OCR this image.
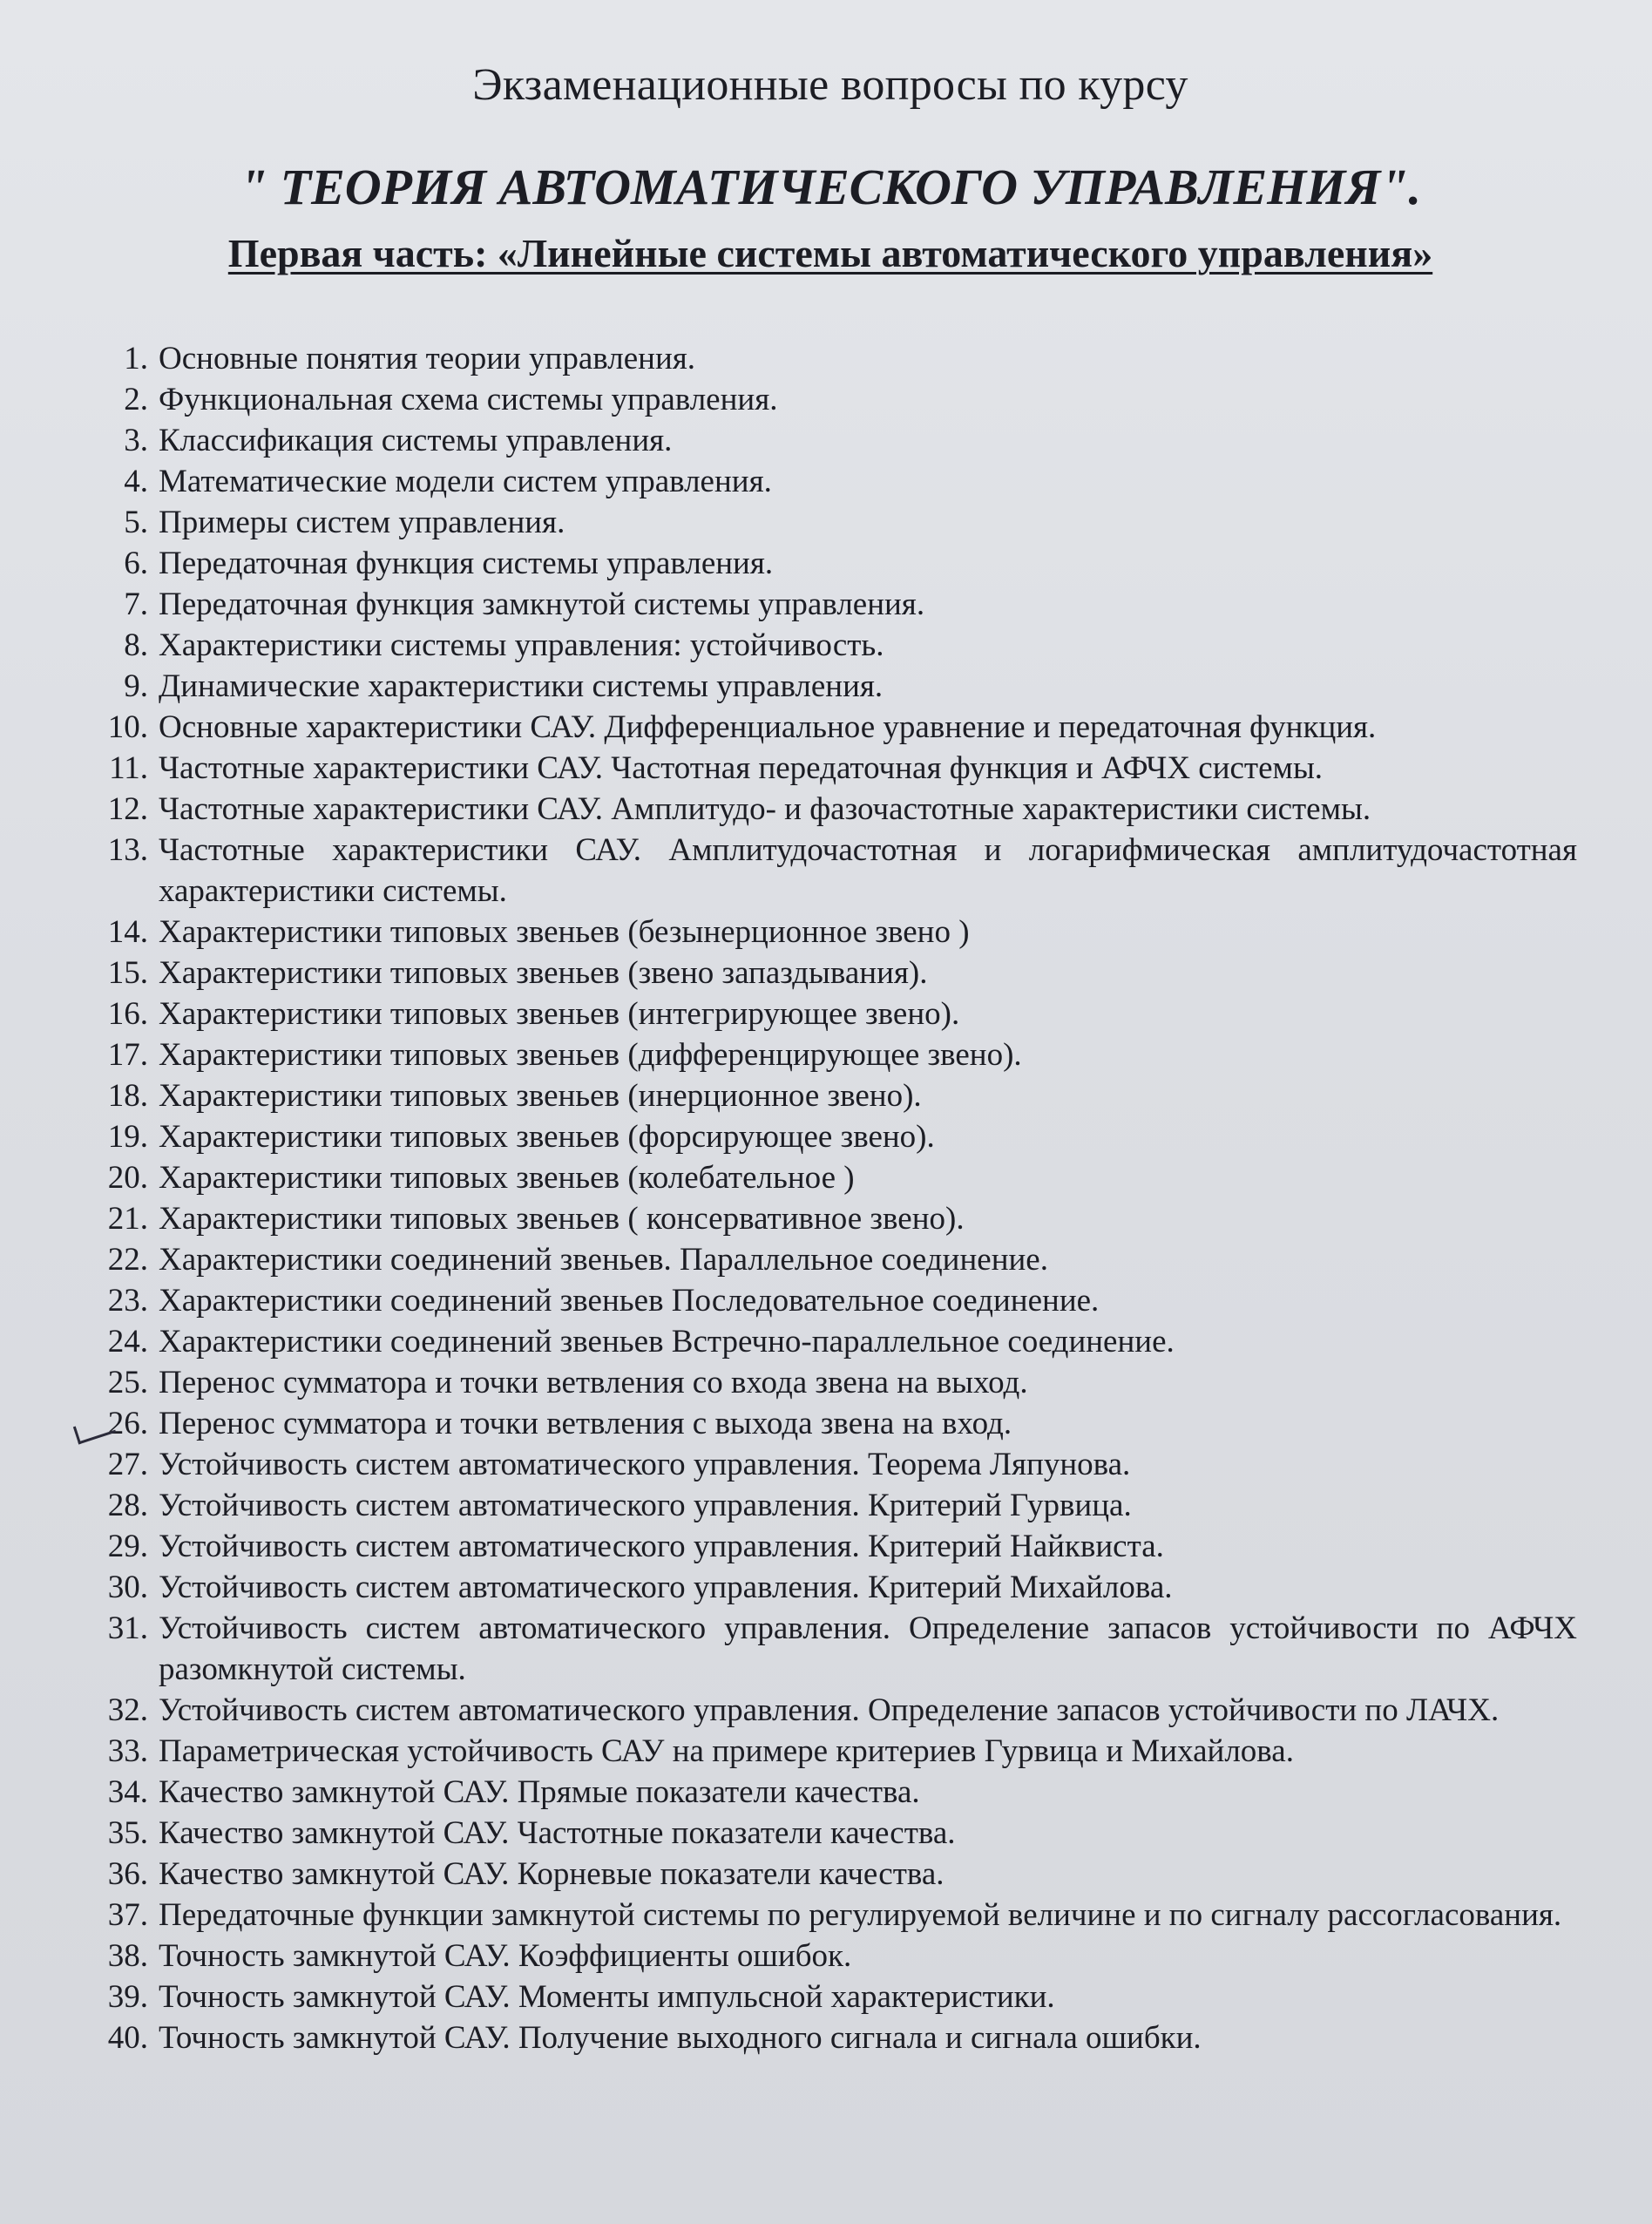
Экзаменационные вопросы по курсу
" ТЕОРИЯ АВТОМАТИЧЕСКОГО УПРАВЛЕНИЯ".
Первая часть: «Линейные системы автоматического управления»
1. Основные понятия теории управления.
2. Функциональная схема системы управления.
3. Классификация системы управления.
4. Математические модели систем управления.
5. Примеры систем управления.
6. Передаточная функция системы управления.
7. Передаточная функция замкнутой системы управления.
8. Характеристики системы управления: устойчивость.
9. Динамические характеристики системы управления.
10. Основные характеристики САУ. Дифференциальное уравнение и передаточная функция.
11. Частотные характеристики САУ. Частотная передаточная функция и АФЧХ системы.
12. Частотные характеристики САУ. Амплитудо- и фазочастотные характеристики системы.
13. Частотные характеристики САУ. Амплитудочастотная и логарифмическая амплитудочастотная характеристики системы.
14. Характеристики типовых звеньев (безынерционное звено )
15. Характеристики типовых звеньев (звено запаздывания).
16. Характеристики типовых звеньев (интегрирующее звено).
17. Характеристики типовых звеньев (дифференцирующее звено).
18. Характеристики типовых звеньев (инерционное звено).
19. Характеристики типовых звеньев (форсирующее звено).
20. Характеристики типовых звеньев (колебательное )
21. Характеристики типовых звеньев ( консервативное звено).
22. Характеристики соединений звеньев. Параллельное соединение.
23. Характеристики соединений звеньев Последовательное соединение.
24. Характеристики соединений звеньев Встречно-параллельное соединение.
25. Перенос сумматора и точки ветвления со входа звена на выход.
26. Перенос сумматора и точки ветвления с выхода звена на вход.
27. Устойчивость систем автоматического управления. Теорема Ляпунова.
28. Устойчивость систем автоматического управления. Критерий Гурвица.
29. Устойчивость систем автоматического управления. Критерий Найквиста.
30. Устойчивость систем автоматического управления. Критерий Михайлова.
31. Устойчивость систем автоматического управления. Определение запасов устойчивости по АФЧХ разомкнутой системы.
32. Устойчивость систем автоматического управления. Определение запасов устойчивости по ЛАЧХ.
33. Параметрическая устойчивость САУ на примере критериев Гурвица и Михайлова.
34. Качество замкнутой САУ. Прямые показатели качества.
35. Качество замкнутой САУ. Частотные показатели качества.
36. Качество замкнутой САУ. Корневые показатели качества.
37. Передаточные функции замкнутой системы по регулируемой величине и по сигналу рассогласования.
38. Точность замкнутой САУ. Коэффициенты ошибок.
39. Точность замкнутой САУ. Моменты импульсной характеристики.
40. Точность замкнутой САУ. Получение выходного сигнала и сигнала ошибки.
